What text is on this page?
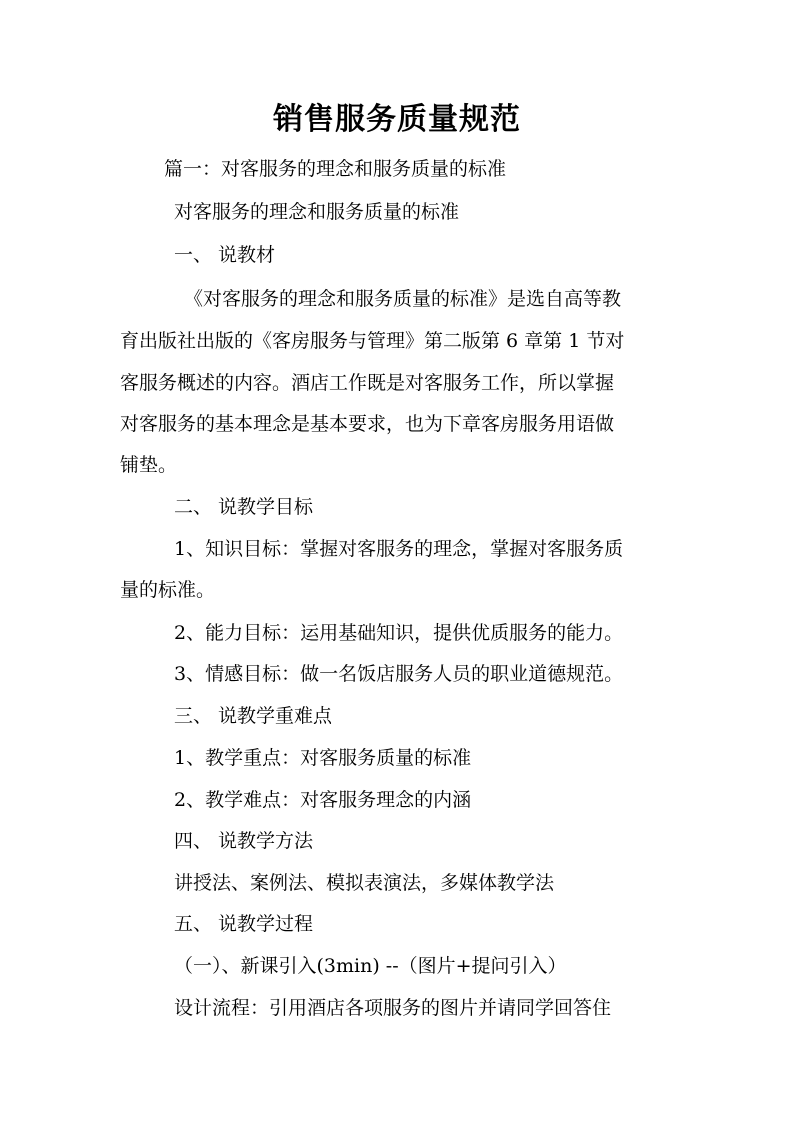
销售服务质量规范
篇一：对客服务的理念和服务质量的标准
对客服务的理念和服务质量的标准
一、 说教材
《对客服务的理念和服务质量的标准》是选自高等教
育出版社出版的《客房服务与管理》第二版第 6 章第 1 节对
客服务概述的内容。酒店工作既是对客服务工作，所以掌握
对客服务的基本理念是基本要求，也为下章客房服务用语做
铺垫。
二、 说教学目标
1、知识目标：掌握对客服务的理念，掌握对客服务质
量的标准。
2、能力目标：运用基础知识，提供优质服务的能力。
3、情感目标：做一名饭店服务人员的职业道德规范。
三、 说教学重难点
1、教学重点：对客服务质量的标准
2、教学难点：对客服务理念的内涵
四、 说教学方法
讲授法、案例法、模拟表演法，多媒体教学法
五、 说教学过程
（一）、新课引入(3min) --（图片+提问引入）
设计流程：引用酒店各项服务的图片并请同学回答住
